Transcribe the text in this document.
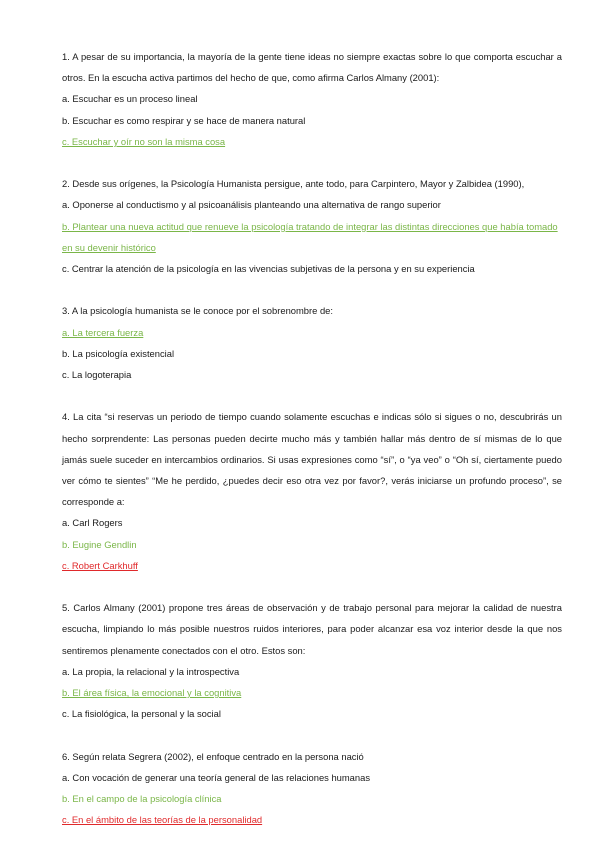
1. A pesar de su importancia, la mayoría de la gente tiene ideas no siempre exactas sobre lo que comporta escuchar a otros. En la escucha activa partimos del hecho de que, como afirma Carlos Almany (2001):
a. Escuchar es un proceso lineal
b. Escuchar es como respirar y se hace de manera natural
c. Escuchar y oír no son la misma cosa
2. Desde sus orígenes, la Psicología Humanista persigue, ante todo, para Carpintero, Mayor y Zalbidea (1990),
a. Oponerse al conductismo y al psicoanálisis planteando una alternativa de rango superior
b. Plantear una nueva actitud que renueve la psicología tratando de integrar las distintas direcciones que había tomado en su devenir histórico
c. Centrar la atención de la psicología en las vivencias subjetivas de la persona y en su experiencia
3. A la psicología humanista se le conoce por el sobrenombre de:
a. La tercera fuerza
b. La psicología existencial
c. La logoterapia
4. La cita “si reservas un periodo de tiempo cuando solamente escuchas e indicas sólo si sigues o no, descubrirás un hecho sorprendente: Las personas pueden decirte mucho más y también hallar más dentro de sí mismas de lo que jamás suele suceder en intercambios ordinarios. Si usas expresiones como “sí”, o “ya veo” o “Oh sí, ciertamente puedo ver cómo te sientes” “Me he perdido, ¿puedes decir eso otra vez por favor?, verás iniciarse un profundo proceso”, se corresponde a:
a. Carl Rogers
b. Eugine Gendlin
c. Robert Carkhuff
5. Carlos Almany (2001) propone tres áreas de observación y de trabajo personal para mejorar la calidad de nuestra escucha, limpiando lo más posible nuestros ruidos interiores, para poder alcanzar esa voz interior desde la que nos sentiremos plenamente conectados con el otro. Estos son:
a. La propia, la relacional y la introspectiva
b. El área física, la emocional y la cognitiva
c. La fisiológica, la personal y la social
6. Según relata Segrera (2002), el enfoque centrado en la persona nació
a. Con vocación de generar una teoría general de las relaciones humanas
b. En el campo de la psicología clínica
c. En el ámbito de las teorías de la personalidad
